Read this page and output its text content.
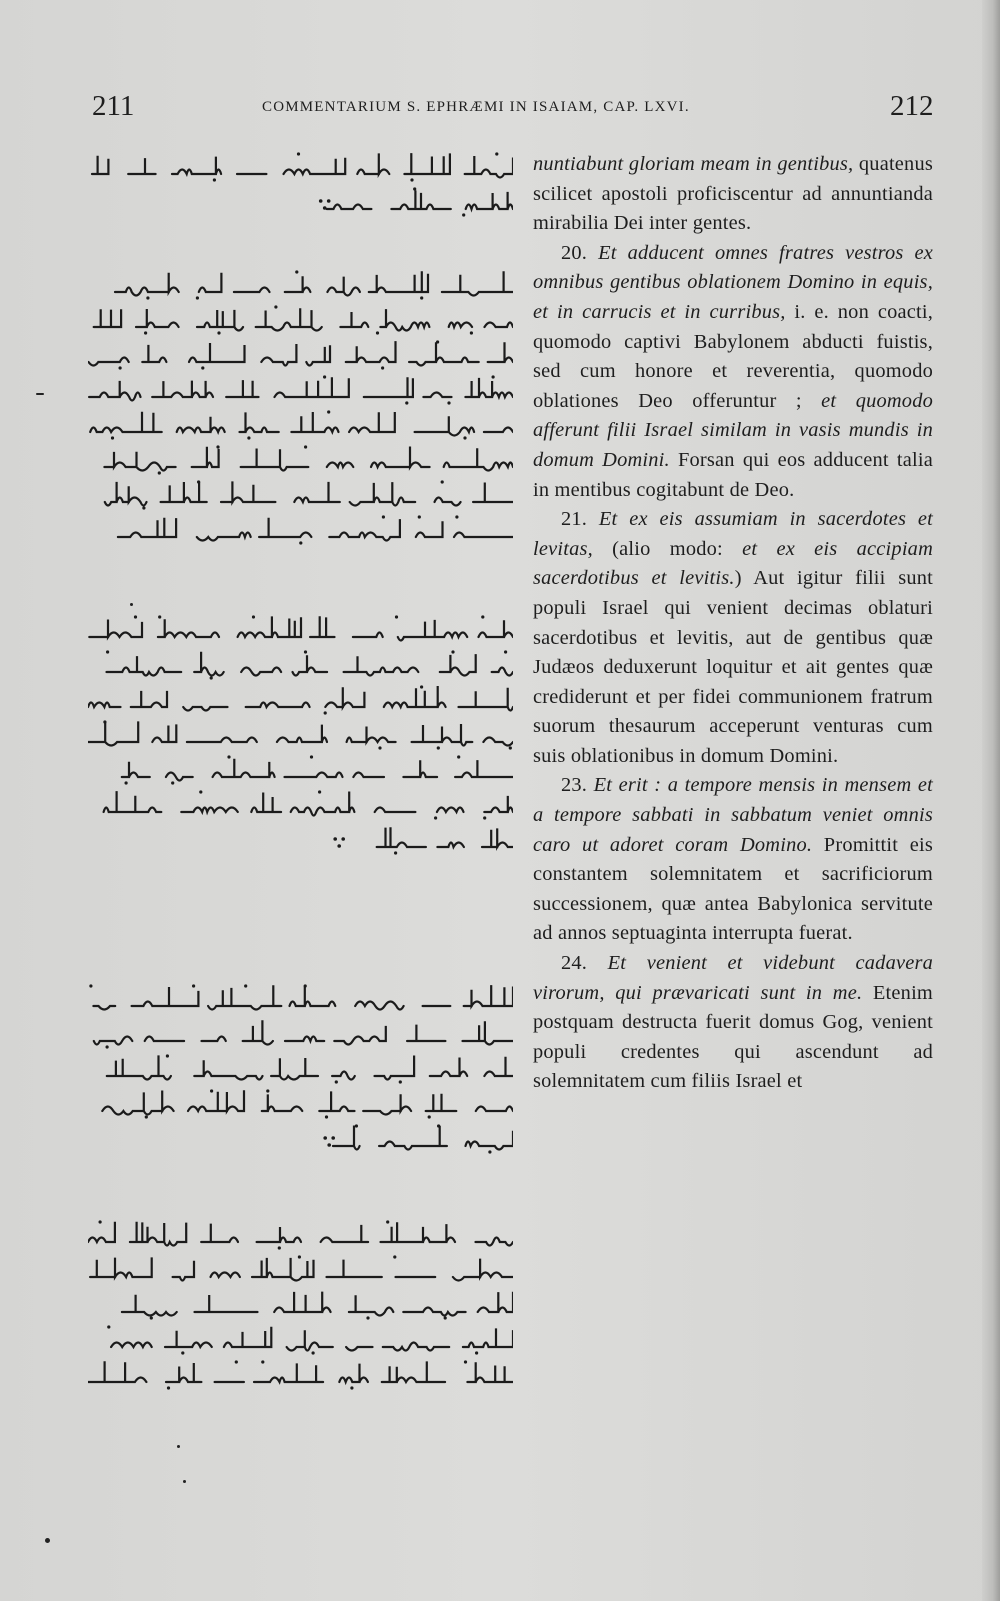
211	COMMENTARIUM S. EPHRÆMI IN ISAIAM, CAP. LXVI.	212

nuntiabunt gloriam meam in gentibus, quatenus scilicet apostoli proficiscentur ad annuntianda mirabilia Dei inter gentes.

20. Et adducent omnes fratres vestros ex omnibus gentibus oblationem Domino in equis, et in carrucis et in curribus, i. e. non coacti, quomodo captivi Babylonem abducti fuistis, sed cum honore et reverentia, quomodo oblationes Deo offeruntur ; et quomodo afferunt filii Israel similam in vasis mundis in domum Domini. Forsan qui eos adducent talia in mentibus cogitabunt de Deo.

21. Et ex eis assumiam in sacerdotes et levitas, (alio modo: et ex eis accipiam sacerdotibus et levitis.) Aut igitur filii sunt populi Israel qui venient decimas oblaturi sacerdotibus et levitis, aut de gentibus quæ Judæos deduxerunt loquitur et ait gentes quæ crediderunt et per fidei communionem fratrum suorum thesaurum acceperunt venturas cum suis oblationibus in domum Domini.

23. Et erit : a tempore mensis in mensem et a tempore sabbati in sabbatum veniet omnis caro ut adoret coram Domino. Promittit eis constantem solemnitatem et sacrificiorum successionem, quæ antea Babylonica servitute ad annos septuaginta interrupta fuerat.

24. Et venient et videbunt cadavera virorum, qui prævaricati sunt in me. Etenim postquam destructa fuerit domus Gog, venient populi credentes qui ascendunt ad solemnitatem cum filiis Israel et
